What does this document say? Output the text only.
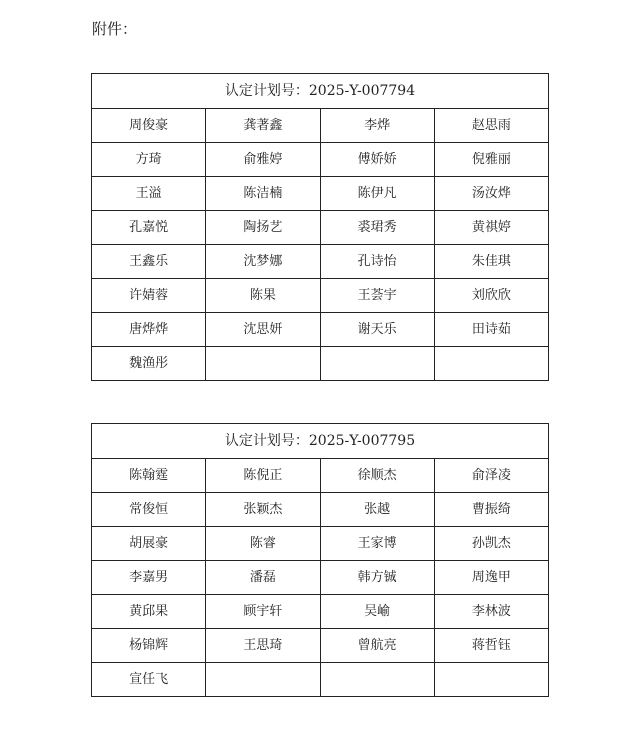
附件：
认定计划号：2025-Y-007794			
周俊豪	龚著鑫	李烨	赵思雨
方琦	俞雅婷	傅娇娇	倪雅丽
王溢	陈洁楠	陈伊凡	汤汝烨
孔嘉悦	陶扬艺	裘珺秀	黄祺婷
王鑫乐	沈梦娜	孔诗怡	朱佳琪
许婧蓉	陈果	王荟宇	刘欣欣
唐烨烨	沈思妍	谢天乐	田诗茹
魏渔彤			
认定计划号：2025-Y-007795			
陈翰霆	陈倪正	徐顺杰	俞泽凌
常俊恒	张颖杰	张越	曹振绮
胡展豪	陈睿	王家博	孙凯杰
李嘉男	潘磊	韩方铖	周逸甲
黄邱果	顾宇轩	吴崳	李林波
杨锦辉	王思琦	曾航亮	蒋哲钰
宣任飞			
